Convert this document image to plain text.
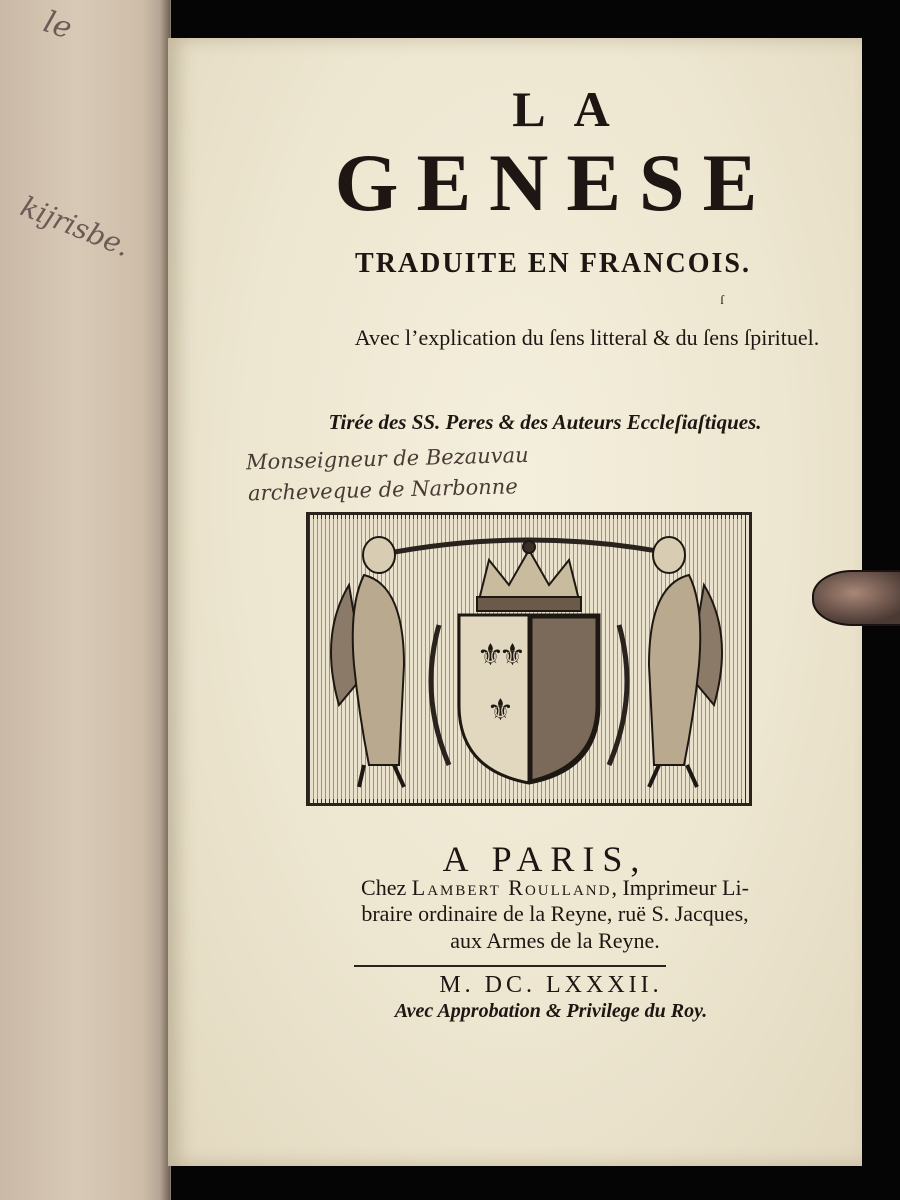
le
kijrisbe.
LA
GENESE
TRADUITE EN FRANCOIS.
ſ
Avec l’explication du ſens litteral & du ſens ſpirituel.
Tirée des SS. Peres & des Auteurs Eccleſiaſtiques.
Monseigneur de Bezauvau
archeveque de Narbonne
⚜
⚜
⚜
A PARIS,
Chez Lambert Roulland, Imprimeur Li-
braire ordinaire de la Reyne, ruë S. Jacques,
aux Armes de la Reyne.
M. DC. LXXXII.
Avec Approbation & Privilege du Roy.
